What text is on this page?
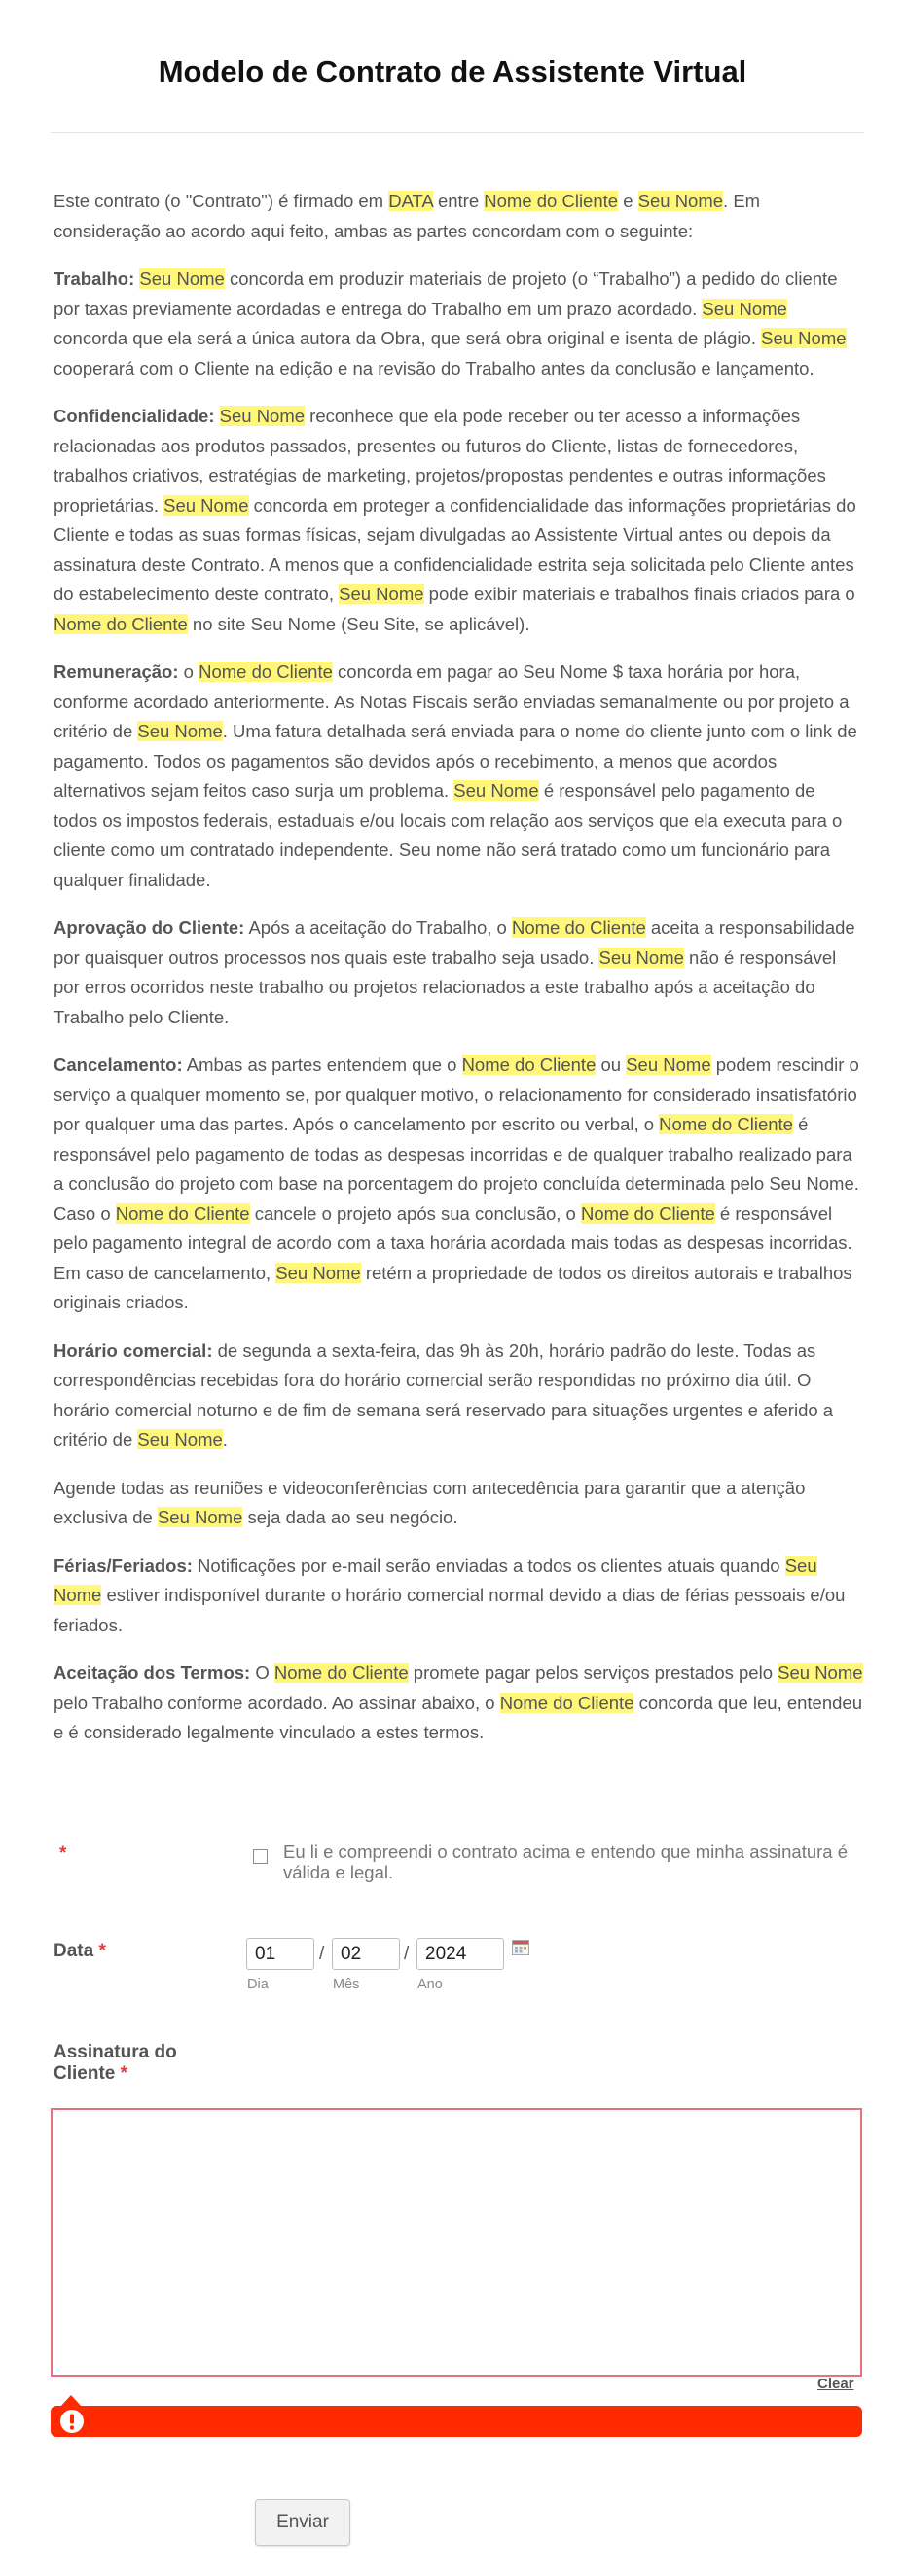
Modelo de Contrato de Assistente Virtual

Este contrato (o "Contrato") é firmado em DATA entre Nome do Cliente e Seu Nome. Em consideração ao acordo aqui feito, ambas as partes concordam com o seguinte:

Trabalho: Seu Nome concorda em produzir materiais de projeto (o “Trabalho”) a pedido do cliente por taxas previamente acordadas e entrega do Trabalho em um prazo acordado. Seu Nome concorda que ela será a única autora da Obra, que será obra original e isenta de plágio. Seu Nome cooperará com o Cliente na edição e na revisão do Trabalho antes da conclusão e lançamento.

Confidencialidade: Seu Nome reconhece que ela pode receber ou ter acesso a informações relacionadas aos produtos passados, presentes ou futuros do Cliente, listas de fornecedores, trabalhos criativos, estratégias de marketing, projetos/propostas pendentes e outras informações proprietárias. Seu Nome concorda em proteger a confidencialidade das informações proprietárias do Cliente e todas as suas formas físicas, sejam divulgadas ao Assistente Virtual antes ou depois da assinatura deste Contrato. A menos que a confidencialidade estrita seja solicitada pelo Cliente antes do estabelecimento deste contrato, Seu Nome pode exibir materiais e trabalhos finais criados para o Nome do Cliente no site Seu Nome (Seu Site, se aplicável).

Remuneração: o Nome do Cliente concorda em pagar ao Seu Nome $ taxa horária por hora, conforme acordado anteriormente. As Notas Fiscais serão enviadas semanalmente ou por projeto a critério de Seu Nome. Uma fatura detalhada será enviada para o nome do cliente junto com o link de pagamento. Todos os pagamentos são devidos após o recebimento, a menos que acordos alternativos sejam feitos caso surja um problema. Seu Nome é responsável pelo pagamento de todos os impostos federais, estaduais e/ou locais com relação aos serviços que ela executa para o cliente como um contratado independente. Seu nome não será tratado como um funcionário para qualquer finalidade.

Aprovação do Cliente: Após a aceitação do Trabalho, o Nome do Cliente aceita a responsabilidade por quaisquer outros processos nos quais este trabalho seja usado. Seu Nome não é responsável por erros ocorridos neste trabalho ou projetos relacionados a este trabalho após a aceitação do Trabalho pelo Cliente.

Cancelamento: Ambas as partes entendem que o Nome do Cliente ou Seu Nome podem rescindir o serviço a qualquer momento se, por qualquer motivo, o relacionamento for considerado insatisfatório por qualquer uma das partes. Após o cancelamento por escrito ou verbal, o Nome do Cliente é responsável pelo pagamento de todas as despesas incorridas e de qualquer trabalho realizado para a conclusão do projeto com base na porcentagem do projeto concluída determinada pelo Seu Nome. Caso o Nome do Cliente cancele o projeto após sua conclusão, o Nome do Cliente é responsável pelo pagamento integral de acordo com a taxa horária acordada mais todas as despesas incorridas. Em caso de cancelamento, Seu Nome retém a propriedade de todos os direitos autorais e trabalhos originais criados.

Horário comercial: de segunda a sexta-feira, das 9h às 20h, horário padrão do leste. Todas as correspondências recebidas fora do horário comercial serão respondidas no próximo dia útil. O horário comercial noturno e de fim de semana será reservado para situações urgentes e aferido a critério de Seu Nome.

Agende todas as reuniões e videoconferências com antecedência para garantir que a atenção exclusiva de Seu Nome seja dada ao seu negócio.

Férias/Feriados: Notificações por e-mail serão enviadas a todos os clientes atuais quando Seu Nome estiver indisponível durante o horário comercial normal devido a dias de férias pessoais e/ou feriados.

Aceitação dos Termos: O Nome do Cliente promete pagar pelos serviços prestados pelo Seu Nome pelo Trabalho conforme acordado. Ao assinar abaixo, o Nome do Cliente concorda que leu, entendeu e é considerado legalmente vinculado a estes termos.

*	Eu li e compreendi o contrato acima e entendo que minha assinatura é válida e legal.
Data *	01	/ 02	/ 2024
Dia	Mês	Ano
Assinatura do
Cliente *
Clear
Enviar
